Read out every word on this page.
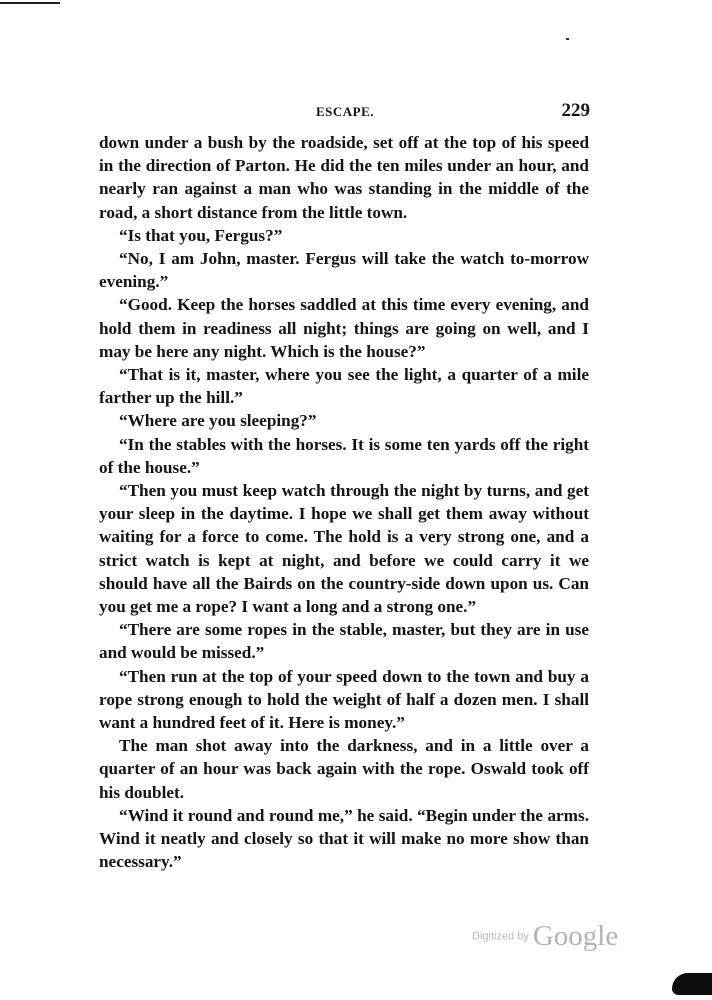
ESCAPE.	229

down under a bush by the roadside, set off at the top of his speed in the direction of Parton. He did the ten miles under an hour, and nearly ran against a man who was standing in the middle of the road, a short distance from the little town.

“Is that you, Fergus?”

“No, I am John, master. Fergus will take the watch to-morrow evening.”

“Good. Keep the horses saddled at this time every evening, and hold them in readiness all night; things are going on well, and I may be here any night. Which is the house?”

“That is it, master, where you see the light, a quarter of a mile farther up the hill.”

“Where are you sleeping?”

“In the stables with the horses. It is some ten yards off the right of the house.”

“Then you must keep watch through the night by turns, and get your sleep in the daytime. I hope we shall get them away without waiting for a force to come. The hold is a very strong one, and a strict watch is kept at night, and before we could carry it we should have all the Bairds on the country-side down upon us. Can you get me a rope? I want a long and a strong one.”

“There are some ropes in the stable, master, but they are in use and would be missed.”

“Then run at the top of your speed down to the town and buy a rope strong enough to hold the weight of half a dozen men. I shall want a hundred feet of it. Here is money.”

The man shot away into the darkness, and in a little over a quarter of an hour was back again with the rope. Oswald took off his doublet.

“Wind it round and round me,” he said. “Begin under the arms. Wind it neatly and closely so that it will make no more show than necessary.”

Digitized by Google
